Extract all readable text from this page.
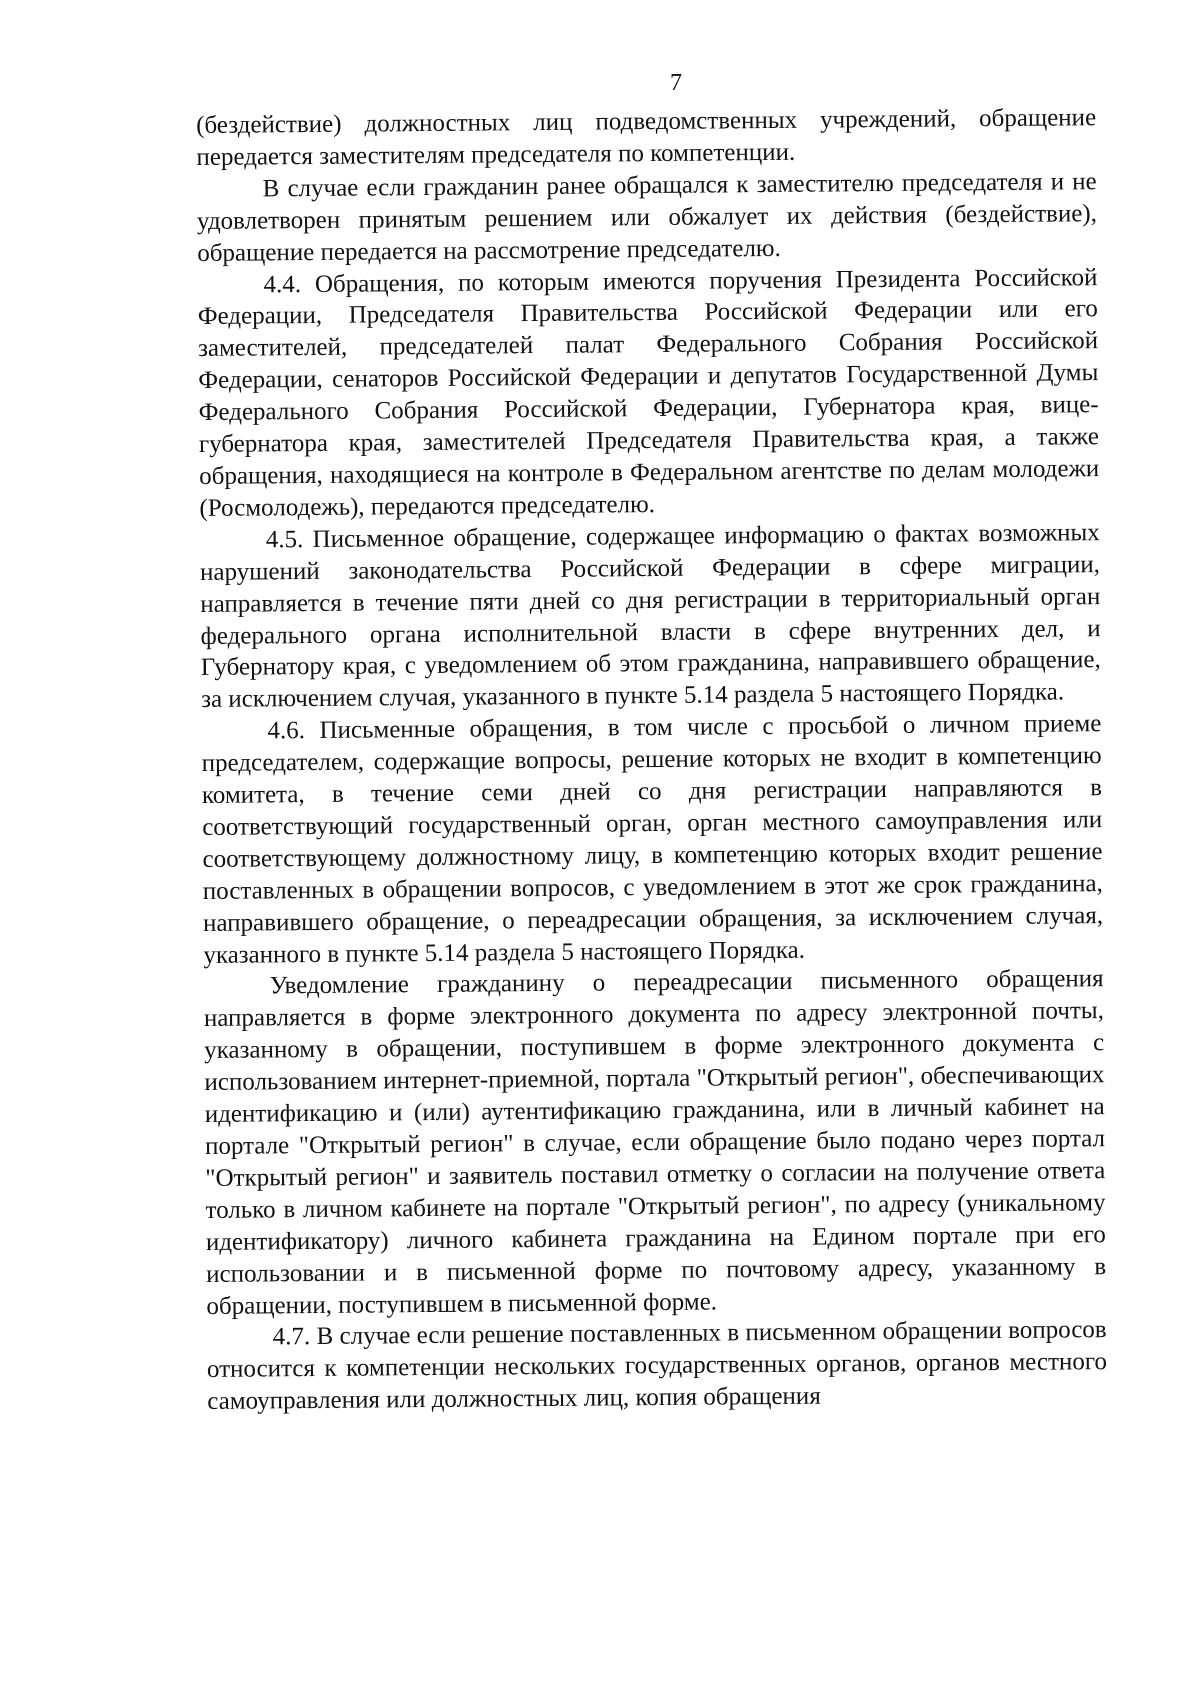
7

(бездействие) должностных лиц подведомственных учреждений, обращение передается заместителям председателя по компетенции.

В случае если гражданин ранее обращался к заместителю председателя и не удовлетворен принятым решением или обжалует их действия (бездействие), обращение передается на рассмотрение председателю.

4.4. Обращения, по которым имеются поручения Президента Российской Федерации, Председателя Правительства Российской Федерации или его заместителей, председателей палат Федерального Собрания Российской Федерации, сенаторов Российской Федерации и депутатов Государственной Думы Федерального Собрания Российской Федерации, Губернатора края, вице-губернатора края, заместителей Председателя Правительства края, а также обращения, находящиеся на контроле в Федеральном агентстве по делам молодежи (Росмолодежь), передаются председателю.

4.5. Письменное обращение, содержащее информацию о фактах возможных нарушений законодательства Российской Федерации в сфере миграции, направляется в течение пяти дней со дня регистрации в территориальный орган федерального органа исполнительной власти в сфере внутренних дел, и Губернатору края, с уведомлением об этом гражданина, направившего обращение, за исключением случая, указанного в пункте 5.14 раздела 5 настоящего Порядка.

4.6. Письменные обращения, в том числе с просьбой о личном приеме председателем, содержащие вопросы, решение которых не входит в компетенцию комитета, в течение семи дней со дня регистрации направляются в соответствующий государственный орган, орган местного самоуправления или соответствующему должностному лицу, в компетенцию которых входит решение поставленных в обращении вопросов, с уведомлением в этот же срок гражданина, направившего обращение, о переадресации обращения, за исключением случая, указанного в пункте 5.14 раздела 5 настоящего Порядка.

Уведомление гражданину о переадресации письменного обращения направляется в форме электронного документа по адресу электронной почты, указанному в обращении, поступившем в форме электронного документа с использованием интернет-приемной, портала "Открытый регион", обеспечивающих идентификацию и (или) аутентификацию гражданина, или в личный кабинет на портале "Открытый регион" в случае, если обращение было подано через портал "Открытый регион" и заявитель поставил отметку о согласии на получение ответа только в личном кабинете на портале "Открытый регион", по адресу (уникальному идентификатору) личного кабинета гражданина на Едином портале при его использовании и в письменной форме по почтовому адресу, указанному в обращении, поступившем в письменной форме.

4.7. В случае если решение поставленных в письменном обращении вопросов относится к компетенции нескольких государственных органов, органов местного самоуправления или должностных лиц, копия обращения
